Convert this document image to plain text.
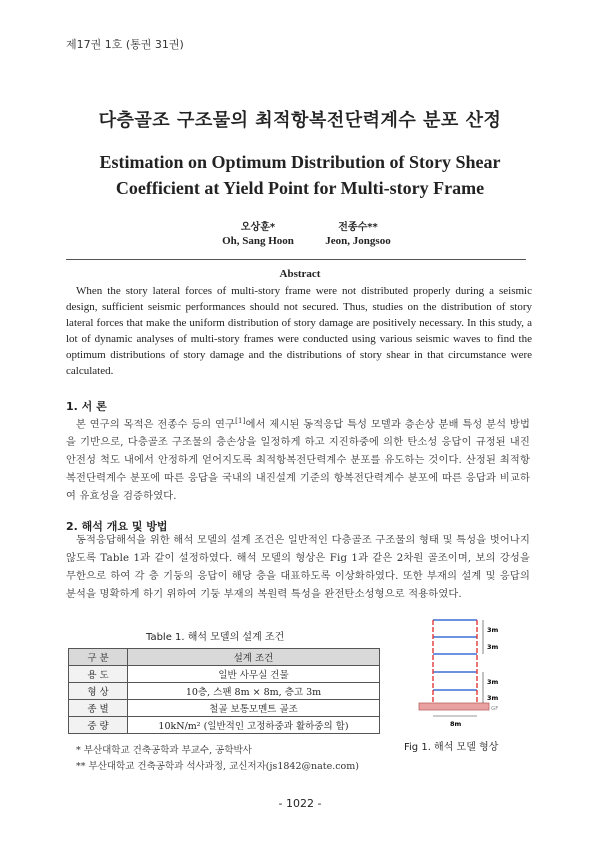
제17권 1호 (통권 31권)
다층골조 구조물의 최적항복전단력계수 분포 산정
Estimation on Optimum Distribution of Story Shear
Coefficient at Yield Point for Multi-story Frame
오상훈*
Oh, Sang Hoon
전종수**
Jeon, Jongsoo
Abstract
When the story lateral forces of multi-story frame were not distributed properly during a seismic design, sufficient seismic performances should not secured. Thus, studies on the distribution of story lateral forces that make the uniform distribution of story damage are positively necessary. In this study, a lot of dynamic analyses of multi-story frames were conducted using various seismic waves to find the optimum distributions of story damage and the distributions of story shear in that circumstance were calculated.
1. 서 론
본 연구의 목적은 전종수 등의 연구[1]에서 제시된 동적응답 특성 모델과 층손상 분배 특성 분석 방법을 기반으로, 다층골조 구조물의 층손상을 일정하게 하고 지진하중에 의한 탄소성 응답이 규정된 내진 안전성 척도 내에서 안정하게 얻어지도록 최적항복전단력계수 분포를 유도하는 것이다. 산정된 최적항복전단력계수 분포에 따른 응답을 국내의 내진설계 기준의 항복전단력계수 분포에 따른 응답과 비교하여 유효성을 검증하였다.
2. 해석 개요 및 방법
동적응답해석을 위한 해석 모델의 설계 조건은 일반적인 다층골조 구조물의 형태 및 특성을 벗어나지 않도록 Table 1과 같이 설정하였다. 해석 모델의 형상은 Fig 1과 같은 2차원 골조이며, 보의 강성을 무한으로 하여 각 층 기둥의 응답이 해당 층을 대표하도록 이상화하였다. 또한 부재의 설계 및 응답의 분석을 명확하게 하기 위하여 기둥 부재의 복원력 특성을 완전탄소성형으로 적용하였다.
Table 1. 해석 모델의 설계 조건
구 분	설계 조건
용 도	일반 사무실 건물
형 상	10층, 스팬 8m × 8m, 층고 3m
종 별	철골 보통모멘트 골조
중 량	10kN/m² (일반적인 고정하중과 활하중의 합)
3m
3m
3m
3m
GF
8m
Fig 1. 해석 모델 형상
* 부산대학교 건축공학과 부교수, 공학박사
** 부산대학교 건축공학과 석사과정, 교신저자(js1842@nate.com)
- 1022 -
